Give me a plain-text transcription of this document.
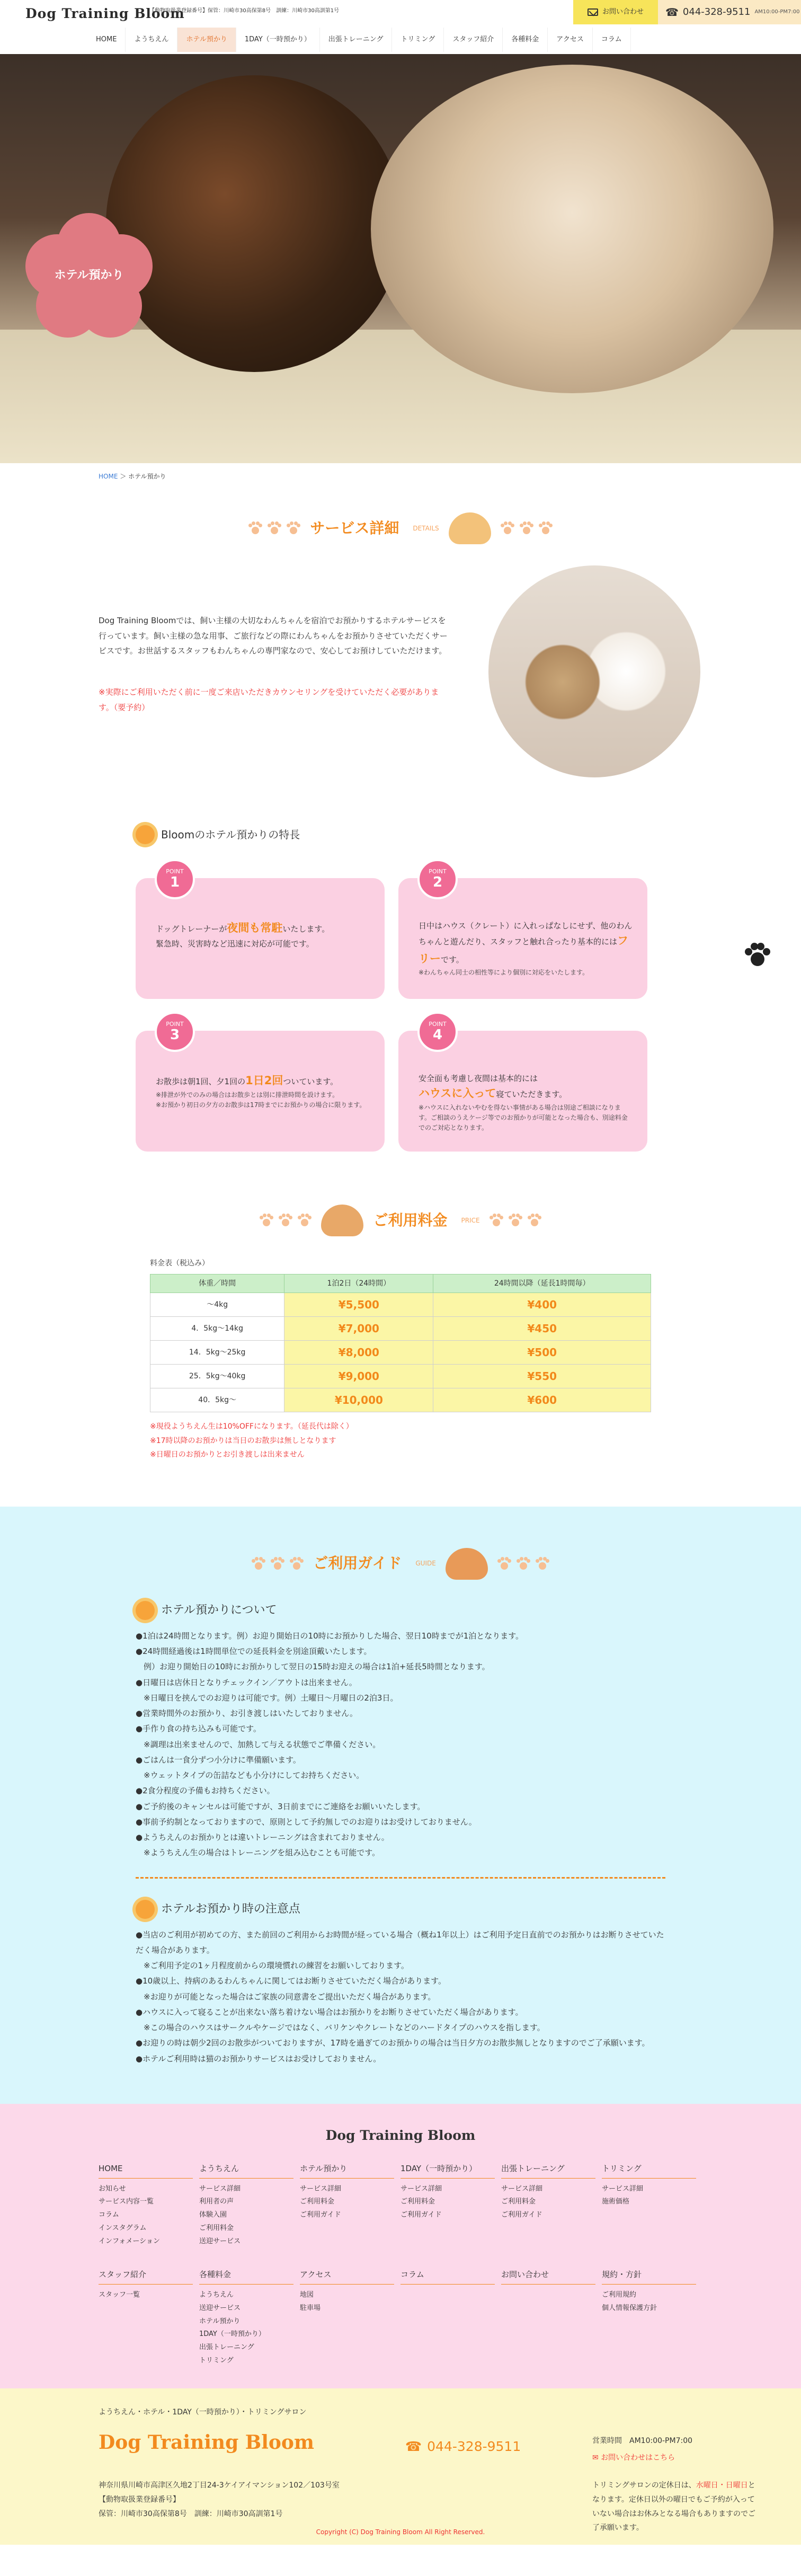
Dog Training Bloom
【動物取扱業登録番号】保管：川崎市30高保第8号　訓練：川崎市30高訓第1号	お問い合わせ ☎ 044-328-9511 AM10:00-PM7:00
HOME	ようちえん	ホテル預かり	1DAY（一時預かり）	出張トレーニング	トリミング	スタッフ紹介	各種料金	アクセス	コラム
ホテル預かり
HOME ＞ ホテル預かり
サービス詳細 DETAILS

Dog Training Bloomでは、飼い主様の大切なわんちゃんを宿泊でお預かりするホテルサービスを行っています。飼い主様の急な用事、ご旅行などの際にわんちゃんをお預かりさせていただくサービスです。お世話するスタッフもわんちゃんの専門家なので、安心してお預けしていただけます。

※実際にご利用いただく前に一度ご来店いただきカウンセリングを受けていただく必要があります。（要予約）

Bloomのホテル預かりの特長
POINT
1

ドッグトレーナーが夜間も常駐いたします。
緊急時、災害時など迅速に対応が可能です。

POINT
2

日中はハウス（クレート）に入れっぱなしにせず、他のわんちゃんと遊んだり、スタッフと触れ合ったり基本的にはフリーです。

※わんちゃん同士の相性等により個別に対応をいたします。

POINT
3

お散歩は朝1回、夕1回の1日2回ついています。

※排泄が外でのみの場合はお散歩とは別に排泄時間を設けます。
※お預かり初日の夕方のお散歩は17時までにお預かりの場合に限ります。

POINT
4

安全面も考慮し夜間は基本的には
ハウスに入って寝ていただきます。

※ハウスに入れないやむを得ない事情がある場合は別途ご相談になります。ご相談のうえケージ等でのお預かりが可能となった場合も、別途料金でのご対応となります。

ご利用料金 PRICE
料金表（税込み）
体重／時間	1泊2日（24時間）	24時間以降（延長1時間毎）
〜4kg	¥5,500	¥400
4．5kg〜14kg	¥7,000	¥450
14．5kg〜25kg	¥8,000	¥500
25．5kg〜40kg	¥9,000	¥550
40．5kg〜	¥10,000	¥600
※現役ようちえん生は10%OFFになります。（延長代は除く）
※17時以降のお預かりは当日のお散歩は無しとなります
※日曜日のお預かりとお引き渡しは出来ません
ご利用ガイド GUIDE
ホテル預かりについて
●1泊は24時間となります。例）お迎り開始日の10時にお預かりした場合、翌日10時までが1泊となります。
●24時間経過後は1時間単位での延長料金を別途頂戴いたします。
　例）お迎り開始日の10時にお預かりして翌日の15時お迎えの場合は1泊+延長5時間となります。
●日曜日は店休日となりチェックイン／アウトは出来ません。
　※日曜日を挟んでのお迎りは可能です。例）土曜日〜月曜日の2泊3日。
●営業時間外のお預かり、お引き渡しはいたしておりません。
●手作り食の持ち込みも可能です。
　※調理は出来ませんので、加熱して与える状態でご準備ください。
●ごはんは一食分ずつ小分けに準備願います。
　※ウェットタイプの缶詰なども小分けにしてお持ちください。
●2食分程度の予備もお持ちください。
●ご予約後のキャンセルは可能ですが、3日前までにご連絡をお願いいたします。
●事前予約制となっておりますので、原則として予約無しでのお迎りはお受けしておりません。
●ようちえんのお預かりとは違いトレーニングは含まれておりません。
　※ようちえん生の場合はトレーニングを組み込むことも可能です。
ホテルお預かり時の注意点
●当店のご利用が初めての方、また前回のご利用からお時間が経っている場合（概ね1年以上）はご利用予定日直前でのお預かりはお断りさせていただく場合があります。
　※ご利用予定の1ヶ月程度前からの環境慣れの練習をお願いしております。
●10歳以上、持病のあるわんちゃんに関してはお断りさせていただく場合があります。
　※お迎りが可能となった場合はご家族の同意書をご提出いただく場合があります。
●ハウスに入って寝ることが出来ない落ち着けない場合はお預かりをお断りさせていただく場合があります。
　※この場合のハウスはサークルやケージではなく、バリケンやクレートなどのハードタイプのハウスを指します。
●お迎りの時は朝少2回のお散歩がついておりますが、17時を過ぎてのお預かりの場合は当日夕方のお散歩無しとなりますのでご了承願います。
●ホテルご利用時は猫のお預かりサービスはお受けしておりません。
Dog Training Bloom
HOME
お知らせ
サービス内容一覧
コラム
インスタグラム
インフォメーション
ようちえん
サービス詳細
利用者の声
体験入園
ご利用料金
送迎サービス
ホテル預かり
サービス詳細
ご利用料金
ご利用ガイド
1DAY（一時預かり）
サービス詳細
ご利用料金
ご利用ガイド
出張トレーニング
サービス詳細
ご利用料金
ご利用ガイド
トリミング
サービス詳細
施術価格
スタッフ紹介
スタッフ一覧
各種料金
ようちえん
送迎サービス
ホテル預かり
1DAY（一時預かり）
出張トレーニング
トリミング
アクセス
地図
駐車場
コラム	お問い合わせ	規約・方針
ご利用規約
個人情報保護方針
ようちえん・ホテル・1DAY（一時預かり）・トリミングサロン
Dog Training Bloom
神奈川県川崎市高津区久地2丁目24-3ケイアイマンション102／103号室
【動物取扱業登録番号】
保管：川崎市30高保第8号　訓練：川崎市30高訓第1号
☎ 044-328-9511	営業時間　 AM10:00-PM7:00
✉ お問い合わせはこちら
トリミングサロンの定休日は、水曜日・日曜日となります。定休日以外の曜日でもご予約が入っていない場合はお休みとなる場合もありますのでご了承願います。
Copyright (C) Dog Training Bloom All Right Reserved.
